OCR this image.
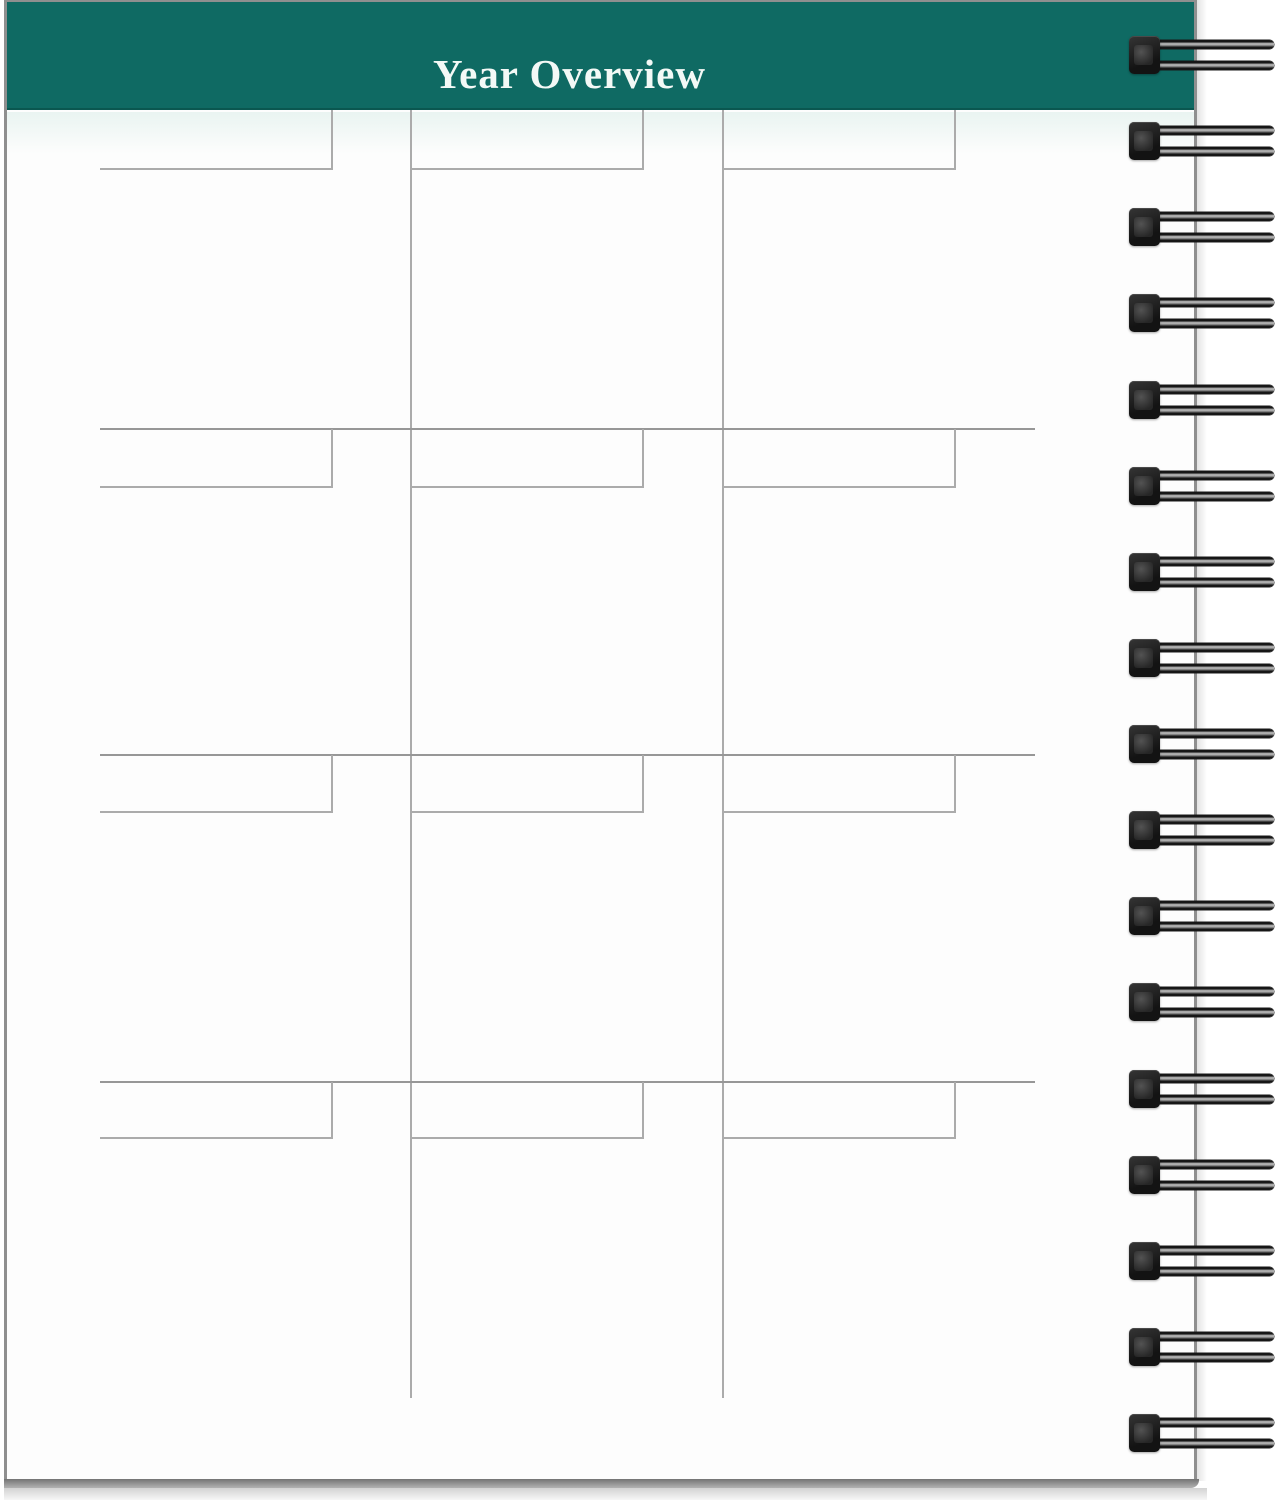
Year Overview
